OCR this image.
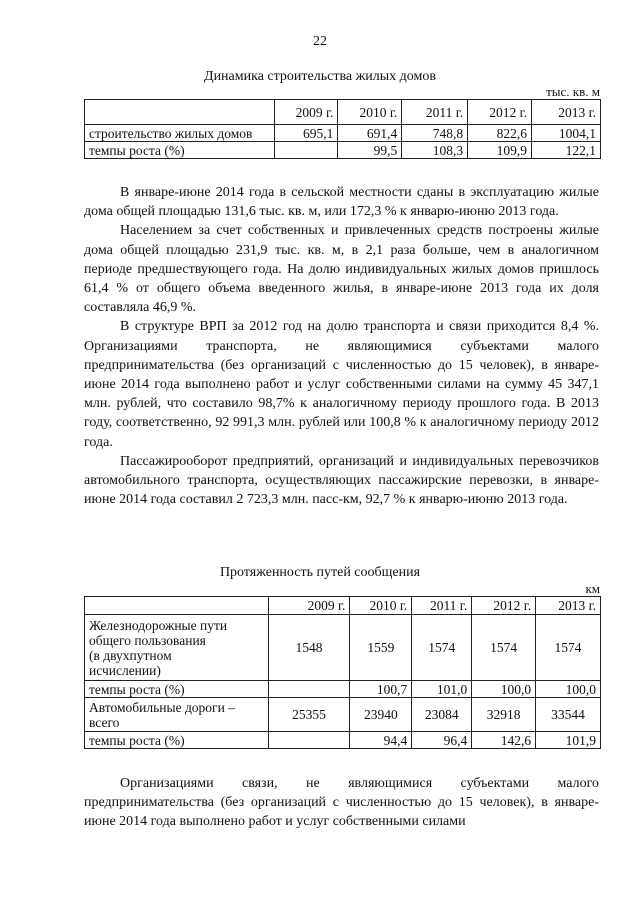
22
Динамика строительства жилых домов
тыс. кв. м
	2009 г.	2010 г.	2011 г.	2012 г.	2013 г.
строительство жилых домов	695,1	691,4	748,8	822,6	1004,1
темпы роста (%)		99,5	108,3	109,9	122,1

В январе-июне 2014 года в сельской местности сданы в эксплуатацию жилые дома общей площадью 131,6 тыс. кв. м, или 172,3 % к январю-июню 2013 года.

Населением за счет собственных и привлеченных средств построены жилые дома общей площадью 231,9 тыс. кв. м, в 2,1 раза больше, чем в аналогичном периоде предшествующего года. На долю индивидуальных жилых домов пришлось 61,4 % от общего объема введенного жилья, в январе-июне 2013 года их доля составляла 46,9 %.

В структуре ВРП за 2012 год на долю транспорта и связи приходится 8,4 %. Организациями транспорта, не являющимися субъектами малого предпринимательства (без организаций с численностью до 15 человек), в январе-июне 2014 года выполнено работ и услуг собственными силами на сумму 45 347,1 млн. рублей, что составило 98,7% к аналогичному периоду прошлого года. В 2013 году, соответственно, 92 991,3 млн. рублей или 100,8 % к аналогичному периоду 2012 года.

Пассажирооборот предприятий, организаций и индивидуальных перевозчиков автомобильного транспорта, осуществляющих пассажирские перевозки, в январе-июне 2014 года составил 2 723,3 млн. пасс-км, 92,7 % к январю-июню 2013 года.

Протяженность путей сообщения
км
	2009 г.	2010 г.	2011 г.	2012 г.	2013 г.

Железнодорожные пути
общего пользования
(в двухпутном
исчислении)	1548	1559	1574	1574	1574
темпы роста (%)		100,7	101,0	100,0	100,0

Автомобильные дороги –
всего	25355	23940	23084	32918	33544
темпы роста (%)		94,4	96,4	142,6	101,9

Организациями связи, не являющимися субъектами малого предпринимательства (без организаций с численностью до 15 человек), в январе-июне 2014 года выполнено работ и услуг собственными силами
